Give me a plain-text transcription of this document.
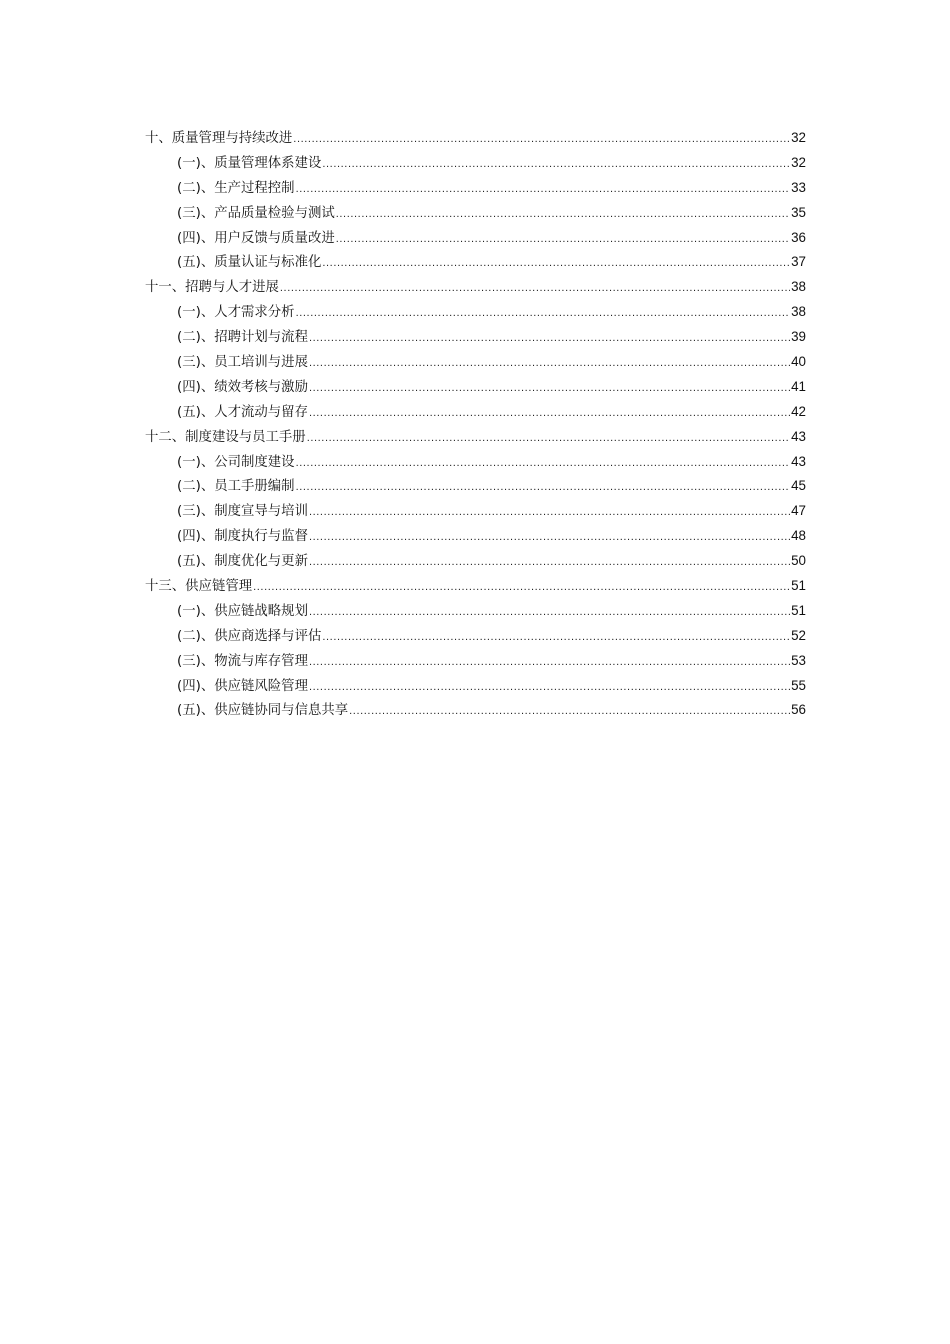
十、质量管理与持续改进 .....	32
(一)、质量管理体系建设 .....	32
(二)、生产过程控制 .....	33
(三)、产品质量检验与测试 .....	35
(四)、用户反馈与质量改进 .....	36
(五)、质量认证与标准化 .....	37
十一、招聘与人才进展 .....	38
(一)、人才需求分析 .....	38
(二)、招聘计划与流程 .....	39
(三)、员工培训与进展 .....	40
(四)、绩效考核与激励 .....	41
(五)、人才流动与留存 .....	42
十二、制度建设与员工手册 .....	43
(一)、公司制度建设 .....	43
(二)、员工手册编制 .....	45
(三)、制度宣导与培训 .....	47
(四)、制度执行与监督 .....	48
(五)、制度优化与更新 .....	50
十三、供应链管理 .....	51
(一)、供应链战略规划 .....	51
(二)、供应商选择与评估 .....	52
(三)、物流与库存管理 .....	53
(四)、供应链风险管理 .....	55
(五)、供应链协同与信息共享 .....	56
